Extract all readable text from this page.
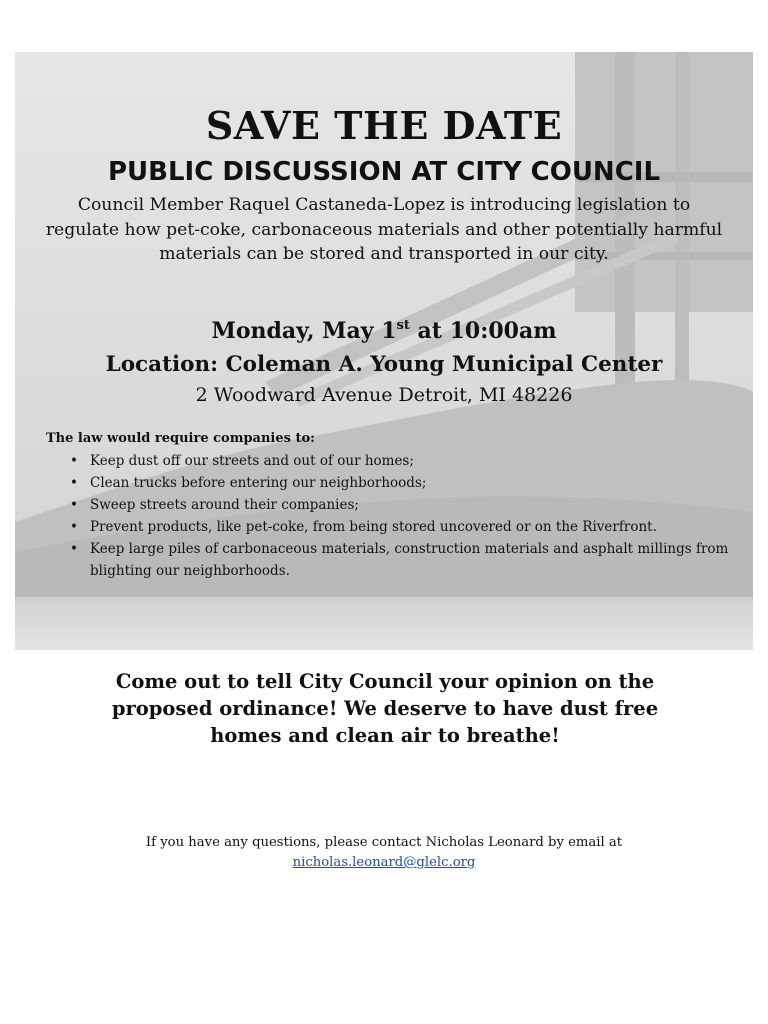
SAVE THE DATE
PUBLIC DISCUSSION AT CITY COUNCIL

Council Member Raquel Castaneda-Lopez is introducing legislation to regulate how pet-coke, carbonaceous materials and other potentially harmful materials can be stored and transported in our city.

Monday, May 1st at 10:00am

Location: Coleman A. Young Municipal Center

2 Woodward Avenue Detroit, MI 48226

The law would require companies to:

• Keep dust off our streets and out of our homes;
• Clean trucks before entering our neighborhoods;
• Sweep streets around their companies;
• Prevent products, like pet-coke, from being stored uncovered or on the Riverfront.
• Keep large piles of carbonaceous materials, construction materials and asphalt millings from blighting our neighborhoods.

Come out to tell City Council your opinion on the proposed ordinance! We deserve to have dust free homes and clean air to breathe!

If you have any questions, please contact Nicholas Leonard by email at
nicholas.leonard@glelc.org
